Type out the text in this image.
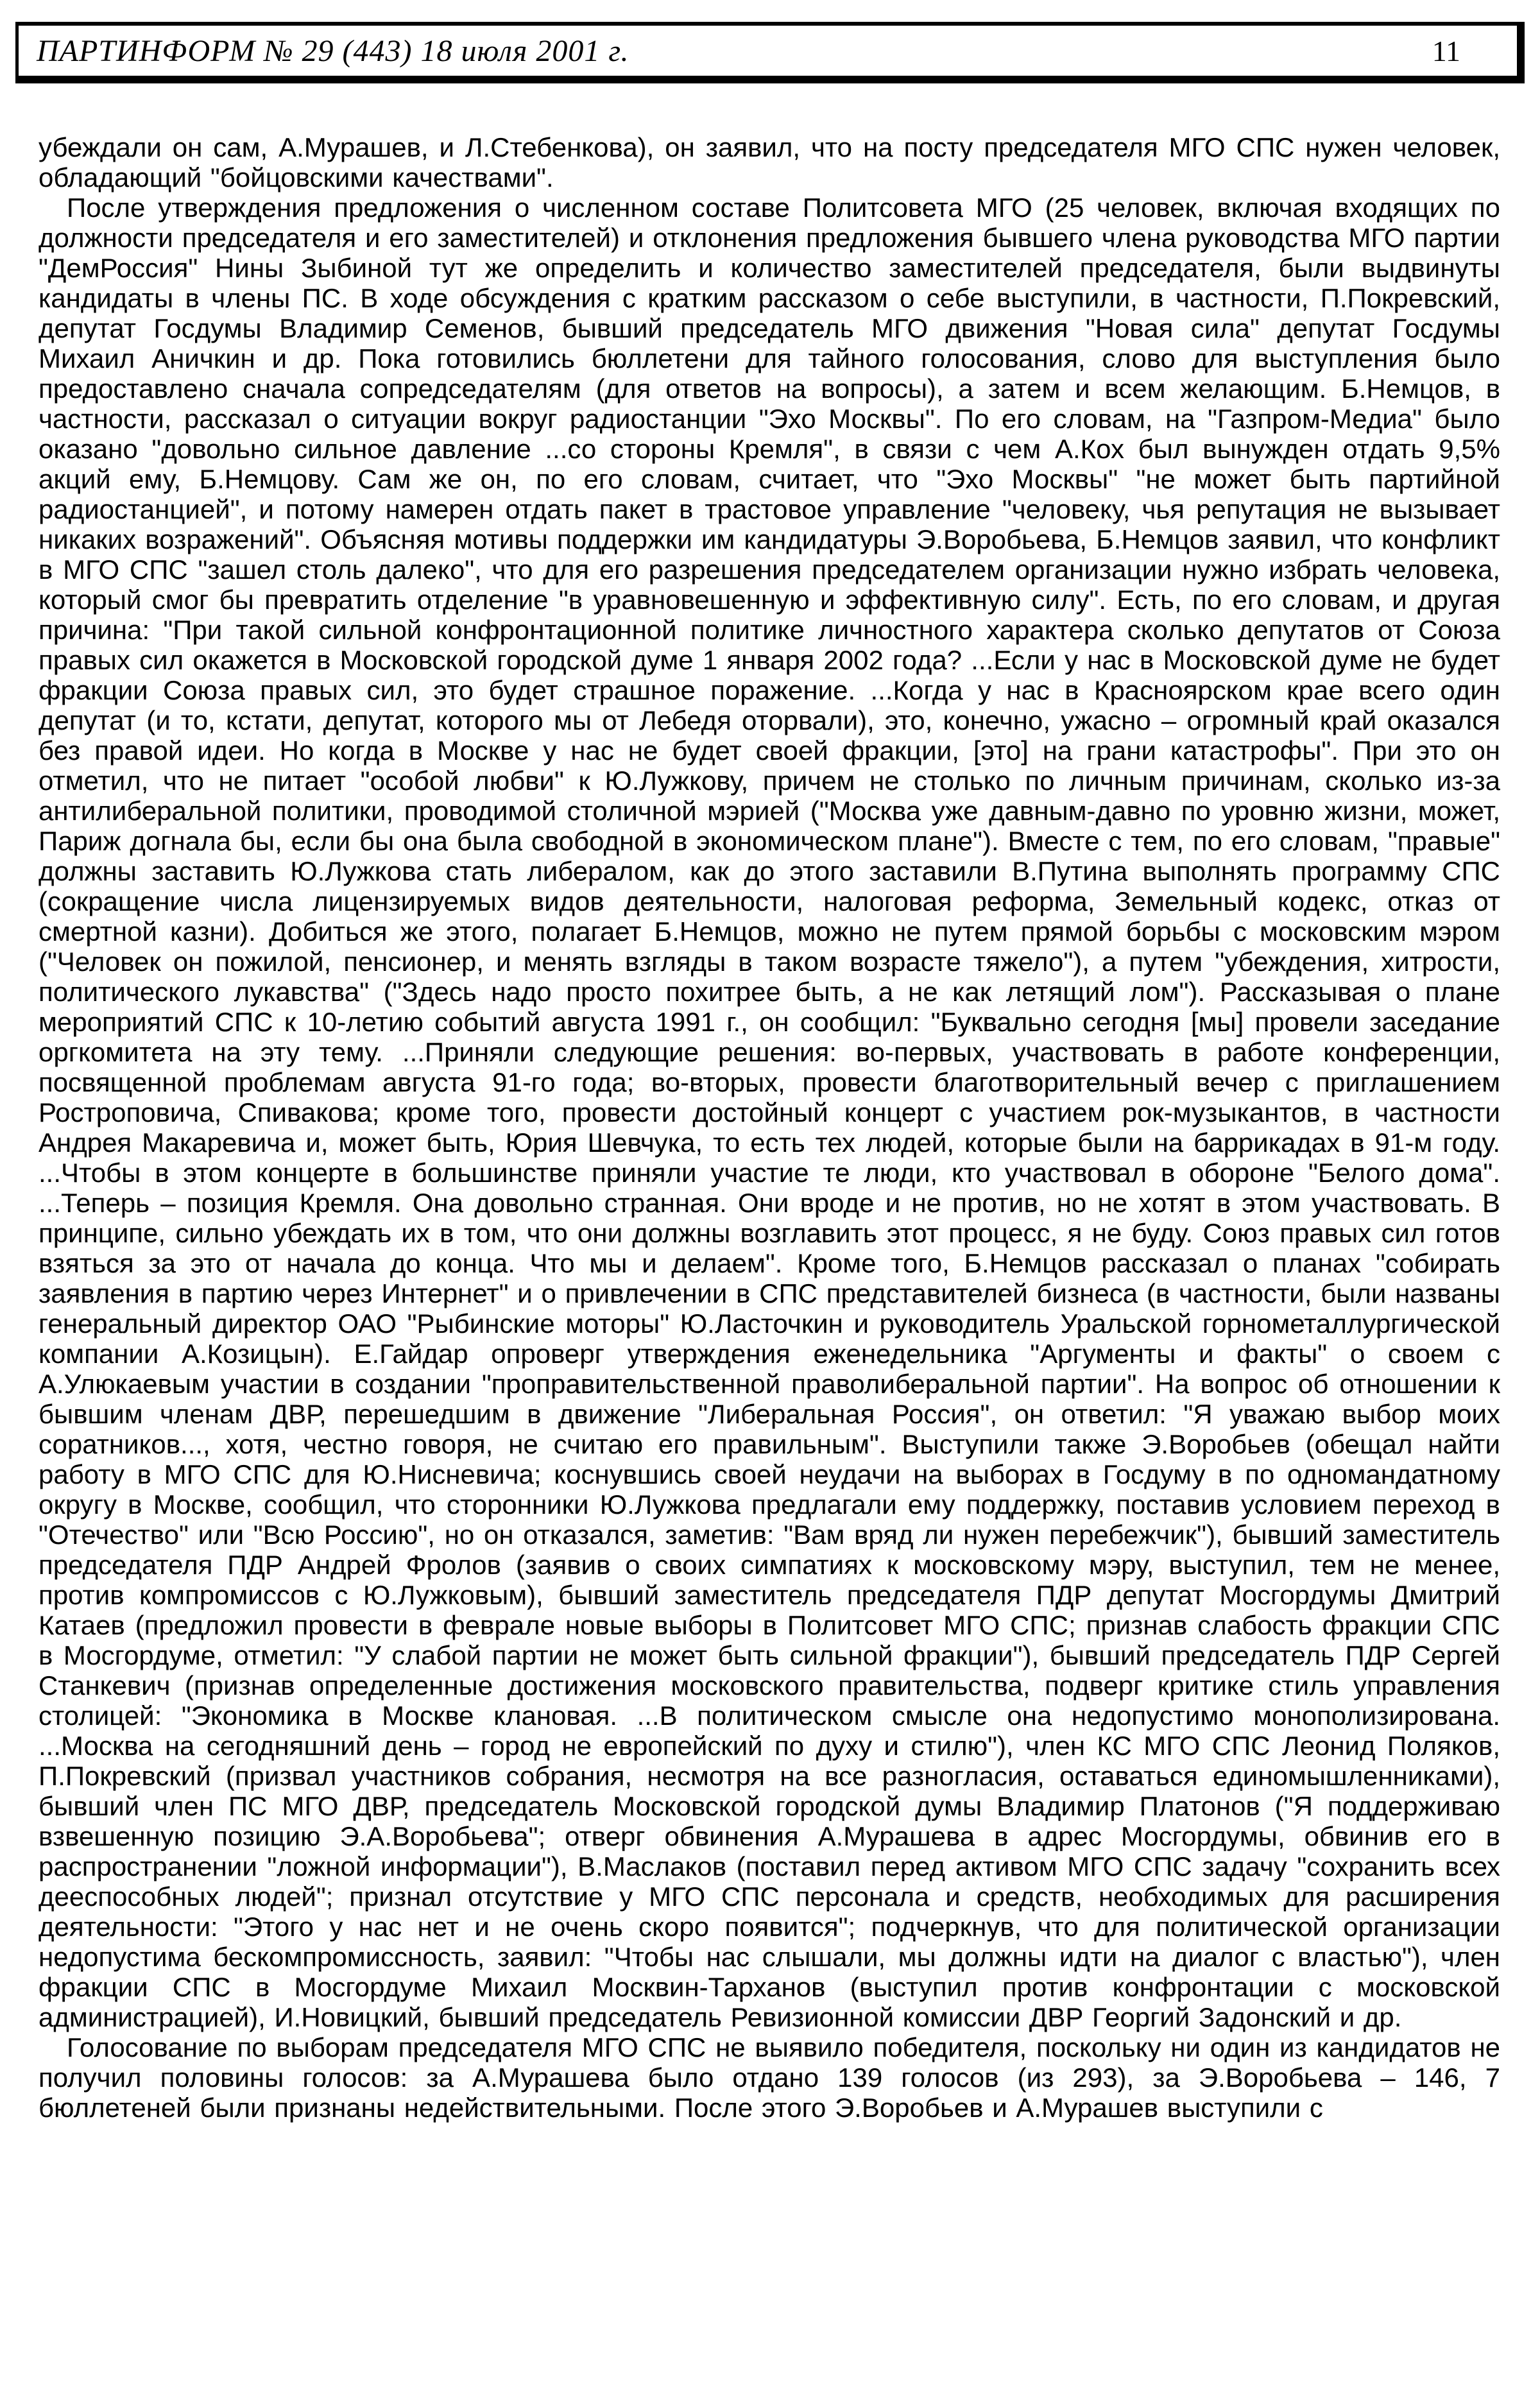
ПАРТИНФОРМ № 29 (443) 18 июля 2001 г.	11

убеждали он сам, А.Мурашев, и Л.Стебенкова), он заявил, что на посту председателя МГО СПС нужен человек, обладающий "бойцовскими качествами".

После утверждения предложения о численном составе Политсовета МГО (25 человек, включая входящих по должности председателя и его заместителей) и отклонения предложения бывшего члена руководства МГО партии "ДемРоссия" Нины Зыбиной тут же определить и количество заместителей председателя, были выдвинуты кандидаты в члены ПС. В ходе обсуждения с кратким рассказом о себе выступили, в частности, П.Покревский, депутат Госдумы Владимир Семенов, бывший председатель МГО движения "Новая сила" депутат Госдумы Михаил Аничкин и др. Пока готовились бюллетени для тайного голосования, слово для выступления было предоставлено сначала сопредседателям (для ответов на вопросы), а затем и всем желающим. Б.Немцов, в частности, рассказал о ситуации вокруг радиостанции "Эхо Москвы". По его словам, на "Газпром-Медиа" было оказано "довольно сильное давление ...со стороны Кремля", в связи с чем А.Кох был вынужден отдать 9,5% акций ему, Б.Немцову. Сам же он, по его словам, считает, что "Эхо Москвы" "не может быть партийной радиостанцией", и потому намерен отдать пакет в трастовое управление "человеку, чья репутация не вызывает никаких возражений". Объясняя мотивы поддержки им кандидатуры Э.Воробьева, Б.Немцов заявил, что конфликт в МГО СПС "зашел столь далеко", что для его разрешения председателем организации нужно избрать человека, который смог бы превратить отделение "в уравновешенную и эффективную силу". Есть, по его словам, и другая причина: "При такой сильной конфронтационной политике личностного характера сколько депутатов от Союза правых сил окажется в Московской городской думе 1 января 2002 года? ...Если у нас в Московской думе не будет фракции Союза правых сил, это будет страшное поражение. ...Когда у нас в Красноярском крае всего один депутат (и то, кстати, депутат, которого мы от Лебедя оторвали), это, конечно, ужасно – огромный край оказался без правой идеи. Но когда в Москве у нас не будет своей фракции, [это] на грани катастрофы". При это он отметил, что не питает "особой любви" к Ю.Лужкову, причем не столько по личным причинам, сколько из-за антилиберальной политики, проводимой столичной мэрией ("Москва уже давным-давно по уровню жизни, может, Париж догнала бы, если бы она была свободной в экономическом плане"). Вместе с тем, по его словам, "правые" должны заставить Ю.Лужкова стать либералом, как до этого заставили В.Путина выполнять программу СПС (сокращение числа лицензируемых видов деятельности, налоговая реформа, Земельный кодекс, отказ от смертной казни). Добиться же этого, полагает Б.Немцов, можно не путем прямой борьбы с московским мэром ("Человек он пожилой, пенсионер, и менять взгляды в таком возрасте тяжело"), а путем "убеждения, хитрости, политического лукавства" ("Здесь надо просто похитрее быть, а не как летящий лом"). Рассказывая о плане мероприятий СПС к 10-летию событий августа 1991 г., он сообщил: "Буквально сегодня [мы] провели заседание оргкомитета на эту тему. ...Приняли следующие решения: во-первых, участвовать в работе конференции, посвященной проблемам августа 91-го года; во-вторых, провести благотворительный вечер с приглашением Ростроповича, Спивакова; кроме того, провести достойный концерт с участием рок-музыкантов, в частности Андрея Макаревича и, может быть, Юрия Шевчука, то есть тех людей, которые были на баррикадах в 91-м году. ...Чтобы в этом концерте в большинстве приняли участие те люди, кто участвовал в обороне "Белого дома". ...Теперь – позиция Кремля. Она довольно странная. Они вроде и не против, но не хотят в этом участвовать. В принципе, сильно убеждать их в том, что они должны возглавить этот процесс, я не буду. Союз правых сил готов взяться за это от начала до конца. Что мы и делаем". Кроме того, Б.Немцов рассказал о планах "собирать заявления в партию через Интернет" и о привлечении в СПС представителей бизнеса (в частности, были названы генеральный директор ОАО "Рыбинские моторы" Ю.Ласточкин и руководитель Уральской горнометаллургической компании А.Козицын). Е.Гайдар опроверг утверждения еженедельника "Аргументы и факты" о своем с А.Улюкаевым участии в создании "проправительственной праволиберальной партии". На вопрос об отношении к бывшим членам ДВР, перешедшим в движение "Либеральная Россия", он ответил: "Я уважаю выбор моих соратников..., хотя, честно говоря, не считаю его правильным". Выступили также Э.Воробьев (обещал найти работу в МГО СПС для Ю.Нисневича; коснувшись своей неудачи на выборах в Госдуму в по одномандатному округу в Москве, сообщил, что сторонники Ю.Лужкова предлагали ему поддержку, поставив условием переход в "Отечество" или "Всю Россию", но он отказался, заметив: "Вам вряд ли нужен перебежчик"), бывший заместитель председателя ПДР Андрей Фролов (заявив о своих симпатиях к московскому мэру, выступил, тем не менее, против компромиссов с Ю.Лужковым), бывший заместитель председателя ПДР депутат Мосгордумы Дмитрий Катаев (предложил провести в феврале новые выборы в Политсовет МГО СПС; признав слабость фракции СПС в Мосгордуме, отметил: "У слабой партии не может быть сильной фракции"), бывший председатель ПДР Сергей Станкевич (признав определенные достижения московского правительства, подверг критике стиль управления столицей: "Экономика в Москве клановая. ...В политическом смысле она недопустимо монополизирована. ...Москва на сегодняшний день – город не европейский по духу и стилю"), член КС МГО СПС Леонид Поляков, П.Покревский (призвал участников собрания, несмотря на все разногласия, оставаться единомышленниками), бывший член ПС МГО ДВР, председатель Московской городской думы Владимир Платонов ("Я поддерживаю взвешенную позицию Э.А.Воробьева"; отверг обвинения А.Мурашева в адрес Мосгордумы, обвинив его в распространении "ложной информации"), В.Маслаков (поставил перед активом МГО СПС задачу "сохранить всех дееспособных людей"; признал отсутствие у МГО СПС персонала и средств, необходимых для расширения деятельности: "Этого у нас нет и не очень скоро появится"; подчеркнув, что для политической организации недопустима бескомпромиссность, заявил: "Чтобы нас слышали, мы должны идти на диалог с властью"), член фракции СПС в Мосгордуме Михаил Москвин-Тарханов (выступил против конфронтации с московской администрацией), И.Новицкий, бывший председатель Ревизионной комиссии ДВР Георгий Задонский и др.

Голосование по выборам председателя МГО СПС не выявило победителя, поскольку ни один из кандидатов не получил половины голосов: за А.Мурашева было отдано 139 голосов (из 293), за Э.Воробьева – 146, 7 бюллетеней были признаны недействительными. После этого Э.Воробьев и А.Мурашев выступили с
